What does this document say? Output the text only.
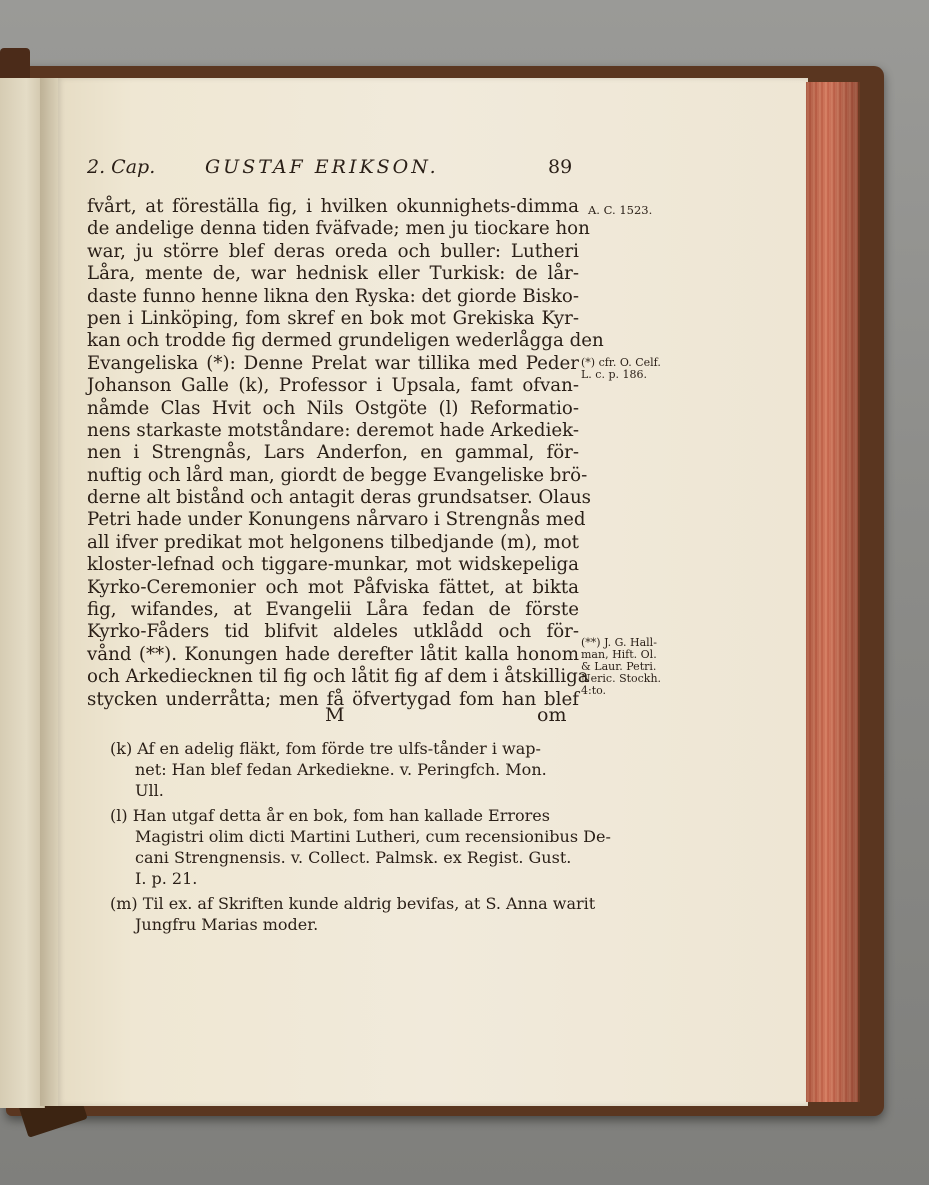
2. Cap.	GUSTAF ERIKSON.	89
fvårt, at föreställa fig, i hvilken okunnighets-dimma
de andelige denna tiden fväfvade; men ju tiockare hon
war, ju större blef deras oreda och buller: Lutheri
Låra, mente de, war hednisk eller Turkisk: de lår-
daste funno henne likna den Ryska: det giorde Bisko-
pen i Linköping, fom skref en bok mot Grekiska Kyr-
kan och trodde fig dermed grundeligen wederlågga den
Evangeliska (*): Denne Prelat war tillika med Peder
Johanson Galle (k), Professor i Upsala, famt ofvan-
nåmde Clas Hvit och Nils Ostgöte (l) Reformatio-
nens starkaste motståndare: deremot hade Arkediek-
nen i Strengnås, Lars Anderfon, en gammal, för-
nuftig och lård man, giordt de begge Evangeliske brö-
derne alt bistånd och antagit deras grundsatser. Olaus
Petri hade under Konungens nårvaro i Strengnås med
all ifver predikat mot helgonens tilbedjande (m), mot
kloster-lefnad och tiggare-munkar, mot widskepeliga
Kyrko-Ceremonier och mot Påfviska fättet, at bikta
fig, wifandes, at Evangelii Låra fedan de förste
Kyrko-Fåders tid blifvit aldeles utklådd och för-
vånd (**). Konungen hade derefter låtit kalla honom
och Arkediecknen til fig och låtit fig af dem i åtskilliga
stycken underråtta; men få öfvertygad fom han blef
M	om
(k) Af en adelig fläkt, fom förde tre ulfs-tånder i wap-
net: Han blef fedan Arkediekne. v. Peringfch. Mon.
Ull.
(l) Han utgaf detta år en bok, fom han kallade Errores
Magistri olim dicti Martini Lutheri, cum recensionibus De-
cani Strengnensis. v. Collect. Palmsk. ex Regist. Gust.
I. p. 21.
(m) Til ex. af Skriften kunde aldrig bevifas, at S. Anna warit
Jungfru Marias moder.
A. C. 1523.
(*) cfr. O. Celf.
L. c. p. 186.
(**) J. G. Hall-
man, Hift. Ol.
& Laur. Petri.
Neric. Stockh.
4:to.
